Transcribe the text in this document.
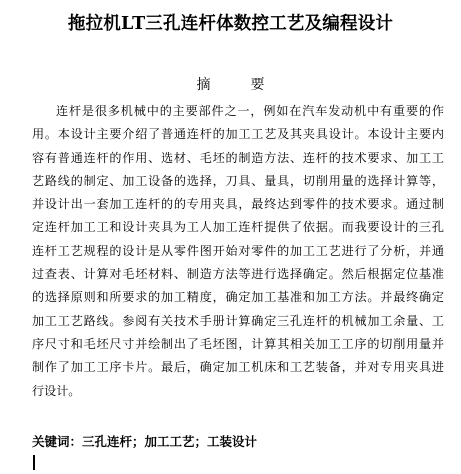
拖拉机LT三孔连杆体数控工艺及编程设计
摘	要
连杆是很多机械中的主要部件之一，例如在汽车发动机中有重要的作
用。本设计主要介绍了普通连杆的加工工艺及其夹具设计。本设计主要内
容有普通连杆的作用、选材、毛坯的制造方法、连杆的技术要求、加工工
艺路线的制定、加工设备的选择，刀具、量具，切削用量的选择计算等，
并设计出一套加工连杆的的专用夹具，最终达到零件的技术要求。通过制
定连杆加工工和设计夹具为工人加工连杆提供了依据。而我要设计的三孔
连杆工艺规程的设计是从零件图开始对零件的加工工艺进行了分析，并通
过查表、计算对毛坯材料、制造方法等进行选择确定。然后根据定位基准
的选择原则和所要求的加工精度，确定加工基准和加工方法。并最终确定
加工工艺路线。参阅有关技术手册计算确定三孔连杆的机械加工余量、工
序尺寸和毛坯尺寸并绘制出了毛坯图，计算其相关加工工序的切削用量并
制作了加工工序卡片。最后，确定加工机床和工艺装备，并对专用夹具进
行设计。
关键词：三孔连杆；加工工艺；工装设计
